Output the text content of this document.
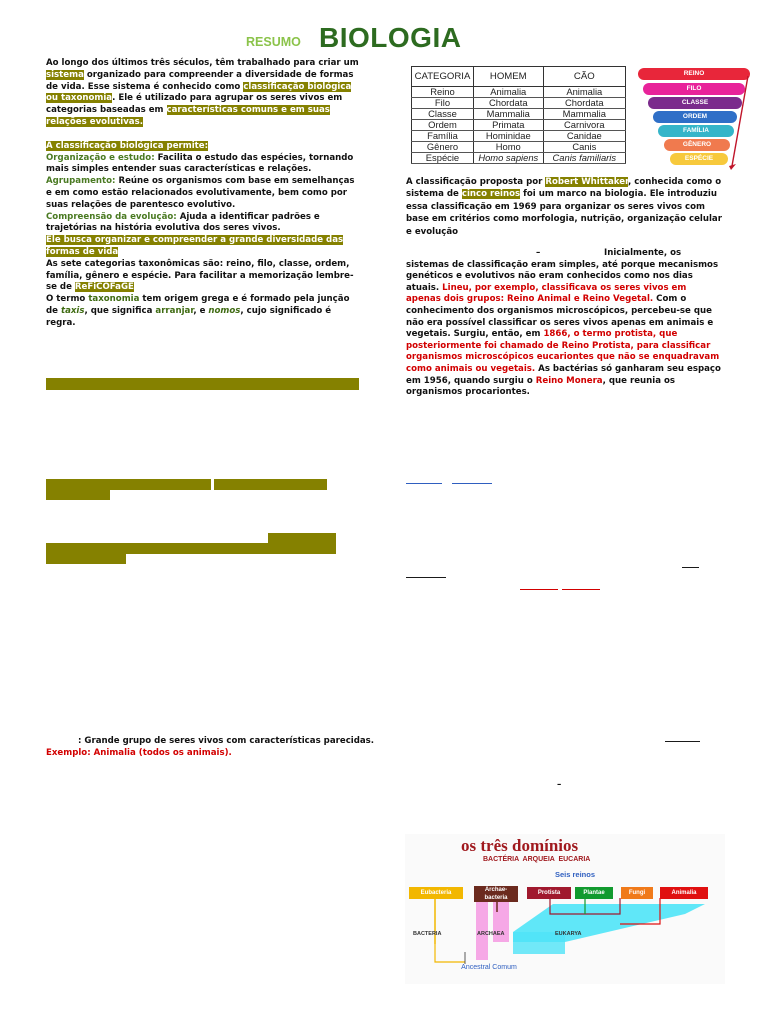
RESUMO BIOLOGIA

Ao longo dos últimos três séculos, têm trabalhado para criar um sistema organizado para compreender a diversidade de formas de vida. Esse sistema é conhecido como classificação biológica ou taxonomia. Ele é utilizado para agrupar os seres vivos em categorias baseadas em características comuns e em suas relações evolutivas.

A classificação biológica permite:

Organização e estudo: Facilita o estudo das espécies, tornando mais simples entender suas características e relações.

Agrupamento: Reúne os organismos com base em semelhanças e em como estão relacionados evolutivamente, bem como por suas relações de parentesco evolutivo.

Compreensão da evolução: Ajuda a identificar padrões e trajetórias na história evolutiva dos seres vivos.

Ele busca organizar e compreender a grande diversidade das formas de vida

As sete categorias taxonômicas são: reino, filo, classe, ordem, família, gênero e espécie. Para facilitar a memorização lembre-se de ReFiCOFaGE
O termo taxonomia tem origem grega e é formado pela junção de taxis, que significa arranjar, e nomos, cujo significado é regra.

: Grande grupo de seres vivos com características parecidas.

Exemplo: Animalia (todos os animais).

CATEGORIA	HOMEM	CÃO
Reino	Animalia	Animalia
Filo	Chordata	Chordata
Classe	Mammalia	Mammalia
Ordem	Primata	Carnivora
Família	Hominidae	Canidae
Gênero	Homo	Canis
Espécie	Homo sapiens	Canis familiaris
REINO
FILO
CLASSE
ORDEM
FAMÍLIA
GÊNERO
ESPÉCIE

A classificação proposta por Robert Whittaker, conhecida como o sistema de cinco reinos foi um marco na biologia. Ele introduziu essa classificação em 1969 para organizar os seres vivos com base em critérios como morfologia, nutrição, organização celular e evolução

–	Inicialmente, os sistemas de classificação eram simples, até porque mecanismos genéticos e evolutivos não eram conhecidos como nos dias atuais. Lineu, por exemplo, classificava os seres vivos em apenas dois grupos: Reino Animal e Reino Vegetal. Com o conhecimento dos organismos microscópicos, percebeu-se que não era possível classificar os seres vivos apenas em animais e vegetais. Surgiu, então, em 1866, o termo protista, que posteriormente foi chamado de Reino Protista, para classificar organismos microscópicos eucariontes que não se enquadravam como animais ou vegetais. As bactérias só ganharam seu espaço em 1956, quando surgiu o Reino Monera, que reunia os organismos procariontes.

–
os três domínios
BACTÉRIA  ARQUEIA  EUCARIA
Seis reinos
Eubacteria	Archae-bacteria
Protista	Plantae	Fungi	Animalia
BACTERIA	ARCHAEA	EUKARYA
Ancestral Comum
